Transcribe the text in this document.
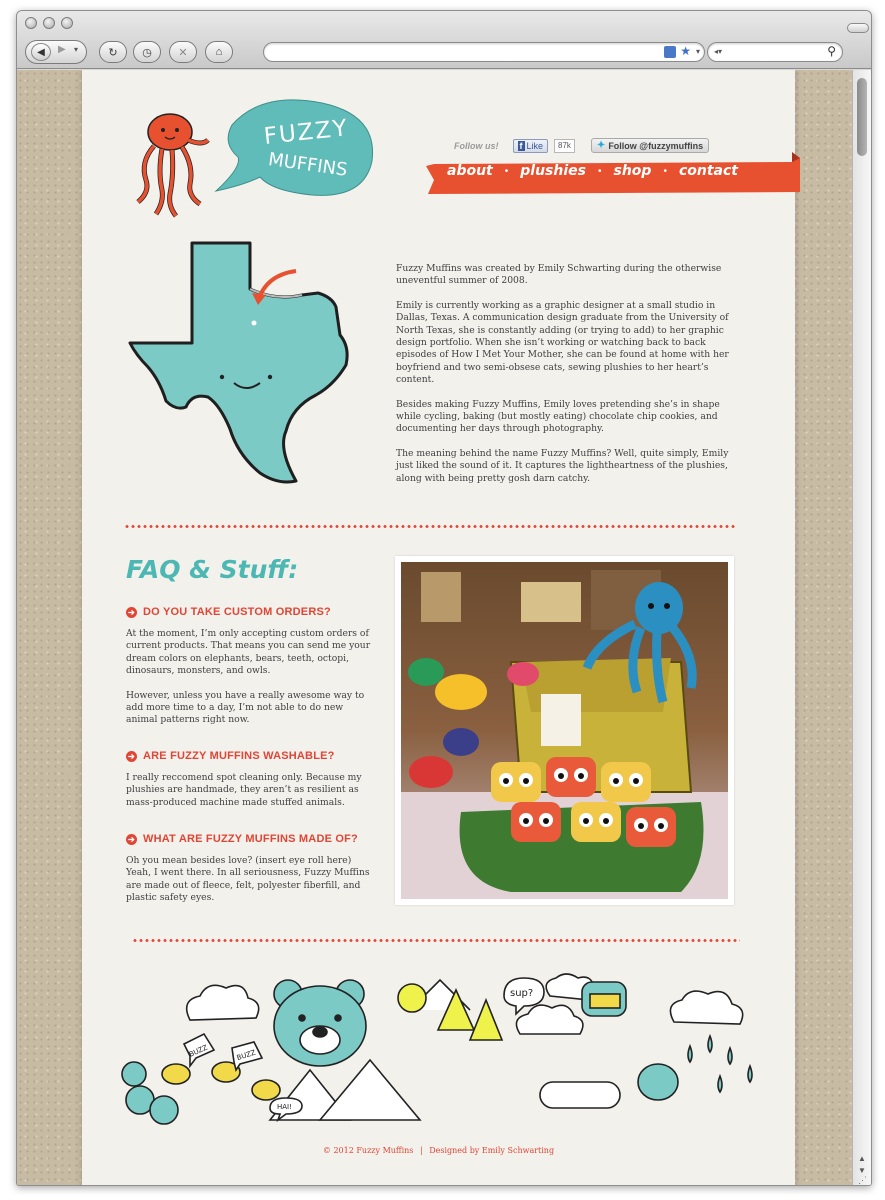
◀	▶ ▾	↻ ◷ ✕	⌂	★ ▾ ◂▾	⚲
FUZZY
MUFFINS
Follow us! f Like	87k	✦ Follow @fuzzymuffins
about • plushies • shop • contact

Fuzzy Muffins was created by Emily Schwarting during the otherwise uneventful summer of 2008.

Emily is currently working as a graphic designer at a small studio in Dallas, Texas. A communication design graduate from the University of North Texas, she is constantly adding (or trying to add) to her graphic design portfolio. When she isn’t working or watching back to back episodes of How I Met Your Mother, she can be found at home with her boyfriend and two semi-obsese cats, sewing plushies to her heart’s content.

Besides making Fuzzy Muffins, Emily loves pretending she’s in shape while cycling, baking (but mostly eating) chocolate chip cookies, and documenting her days through photography.

The meaning behind the name Fuzzy Muffins? Well, quite simply, Emily just liked the sound of it. It captures the lightheartness of the plushies, along with being pretty gosh darn catchy.

FAQ & Stuff:
➔ DO YOU TAKE CUSTOM ORDERS?

At the moment, I’m only accepting custom orders of current products. That means you can send me your dream colors on elephants, bears, teeth, octopi, dinosaurs, monsters, and owls.

However, unless you have a really awesome way to add more time to a day, I’m not able to do new animal patterns right now.

➔ ARE FUZZY MUFFINS WASHABLE?

I really reccomend spot cleaning only. Because my plushies are handmade, they aren’t as resilient as mass-produced machine made stuffed animals.

➔ WHAT ARE FUZZY MUFFINS MADE OF?

Oh you mean besides love? (insert eye roll here) Yeah, I went there. In all seriousness, Fuzzy Muffins are made out of fleece, felt, polyester fiberfill, and plastic safety eyes.

BUZZ	BUZZ
sup?
HAI!
© 2012 Fuzzy Muffins | Designed by Emily Schwarting
▲
▼
⋰
